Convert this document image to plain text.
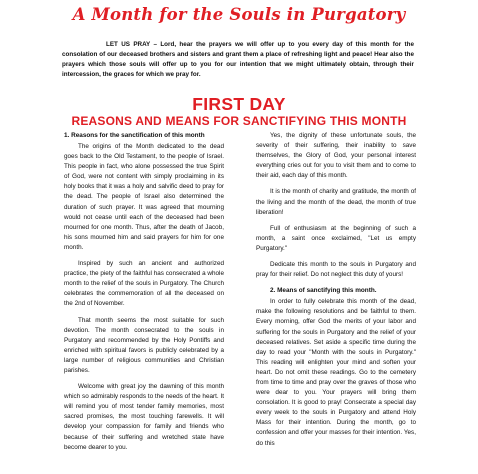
A Month for the Souls in Purgatory

LET US PRAY – Lord, hear the prayers we will offer up to you every day of this month for the consolation of our deceased brothers and sisters and grant them a place of refreshing light and peace! Hear also the prayers which those souls will offer up to you for our intention that we might ultimately obtain, through their intercession, the graces for which we pray for.

FIRST DAY
REASONS AND MEANS FOR SANCTIFYING THIS MONTH
1. Reasons for the sanctification of this month

The origins of the Month dedicated to the dead goes back to the Old Testament, to the people of Israel. This people in fact, who alone possessed the true Spirit of God, were not content with simply proclaiming in its holy books that it was a holy and salvific deed to pray for the dead. The people of Israel also determined the duration of such prayer. It was agreed that mourning would not cease until each of the deceased had been mourned for one month. Thus, after the death of Jacob, his sons mourned him and said prayers for him for one month.

Inspired by such an ancient and authorized practice, the piety of the faithful has consecrated a whole month to the relief of the souls in Purgatory. The Church celebrates the commemoration of all the deceased on the 2nd of November.

That month seems the most suitable for such devotion. The month consecrated to the souls in Purgatory and recommended by the Holy Pontiffs and enriched with spiritual favors is publicly celebrated by a large number of religious communities and Christian parishes.

Welcome with great joy the dawning of this month which so admirably responds to the needs of the heart. It will remind you of most tender family memories, most sacred promises, the most touching farewells. It will develop your compassion for family and friends who because of their suffering and wretched state have become dearer to you.

Yes, the dignity of these unfortunate souls, the severity of their suffering, their inability to save themselves, the Glory of God, your personal interest everything cries out for you to visit them and to come to their aid, each day of this month.

It is the month of charity and gratitude, the month of the living and the month of the dead, the month of true liberation!

Full of enthusiasm at the beginning of such a month, a saint once exclaimed, "Let us empty Purgatory."

Dedicate this month to the souls in Purgatory and pray for their relief. Do not neglect this duty of yours!

2. Means of sanctifying this month.

In order to fully celebrate this month of the dead, make the following resolutions and be faithful to them. Every morning, offer God the merits of your labor and suffering for the souls in Purgatory and the relief of your deceased relatives. Set aside a specific time during the day to read your "Month with the souls in Purgatory." This reading will enlighten your mind and soften your heart. Do not omit these readings. Go to the cemetery from time to time and pray over the graves of those who were dear to you. Your prayers will bring them consolation. It is good to pray! Consecrate a special day every week to the souls in Purgatory and attend Holy Mass for their intention. During the month, go to confession and offer your masses for their intention. Yes, do this
